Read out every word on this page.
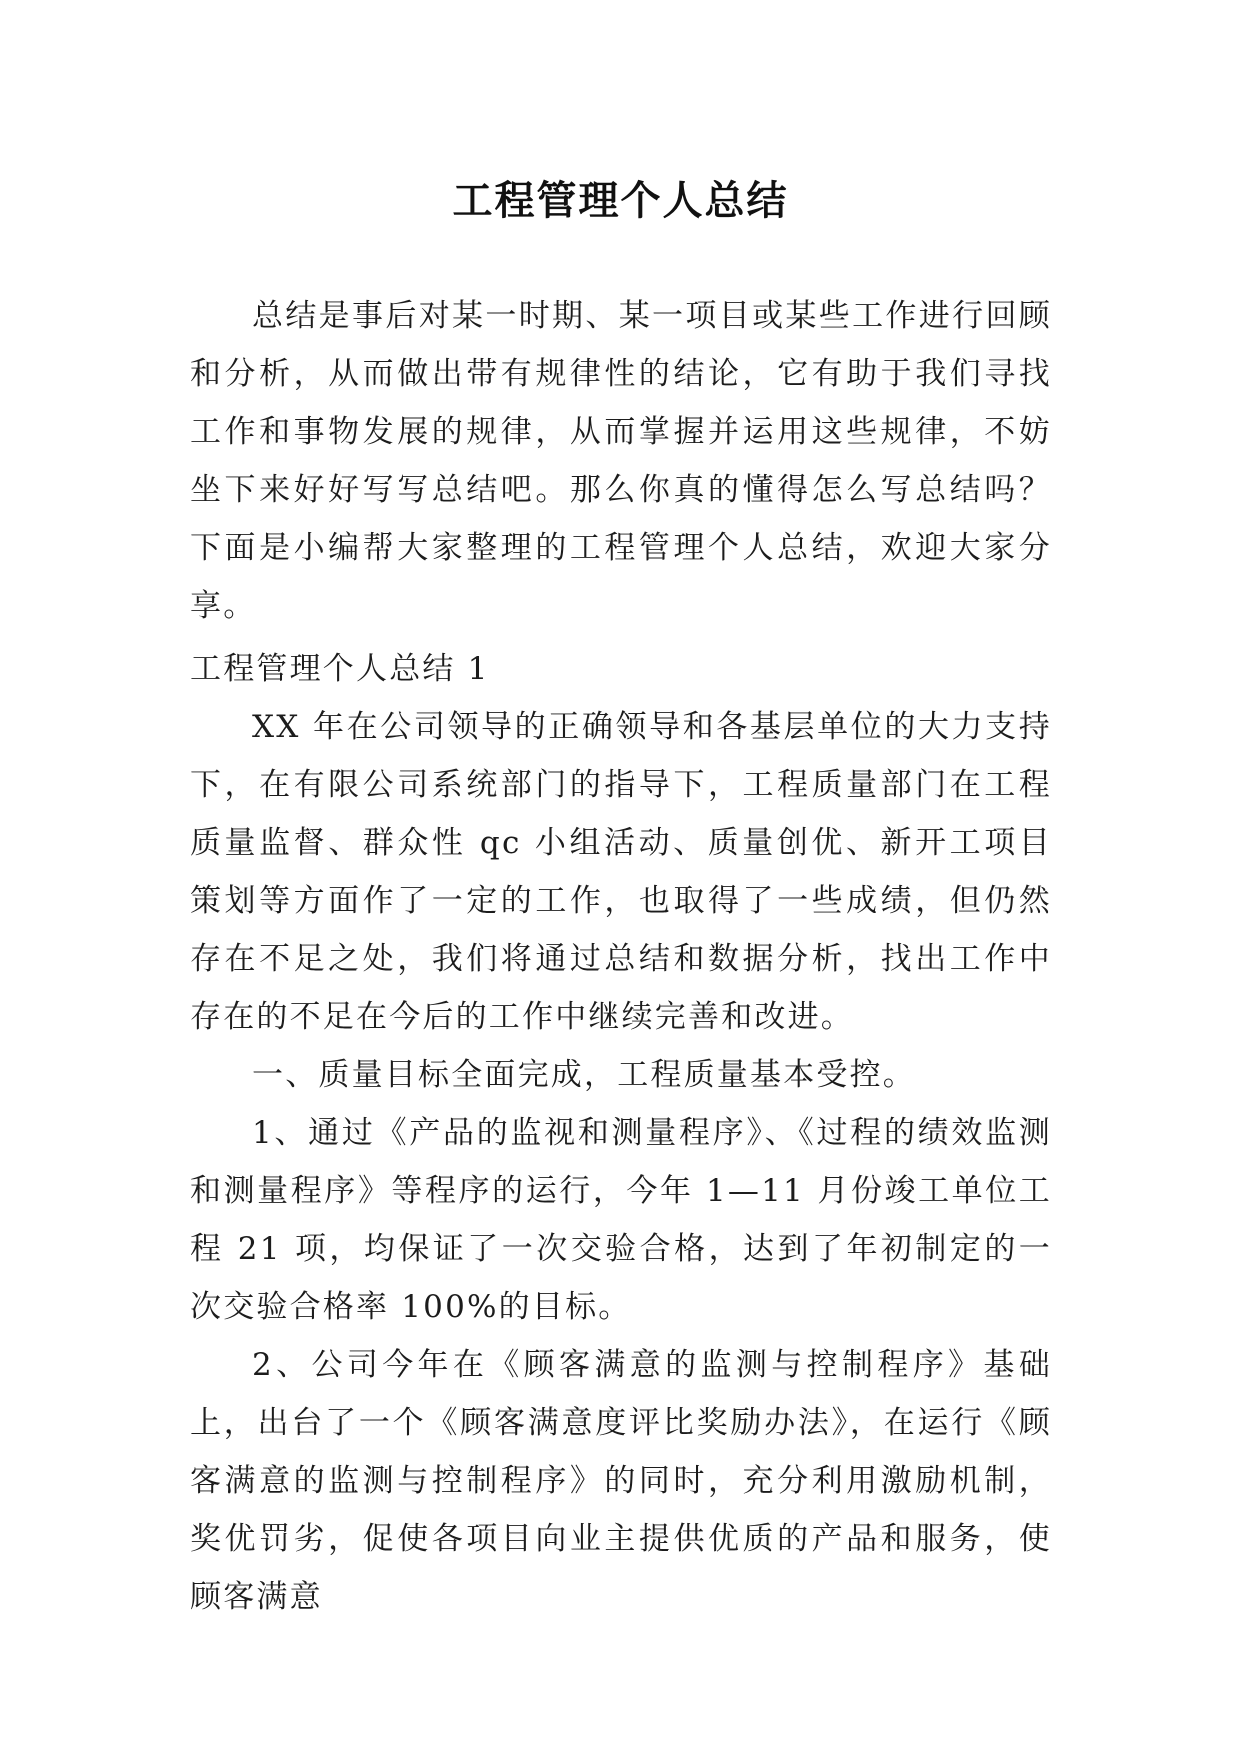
工程管理个人总结

总结是事后对某一时期、某一项目或某些工作进行回顾和分析，从而做出带有规律性的结论，它有助于我们寻找工作和事物发展的规律，从而掌握并运用这些规律，不妨坐下来好好写写总结吧。那么你真的懂得怎么写总结吗？下面是小编帮大家整理的工程管理个人总结，欢迎大家分享。

工程管理个人总结 1

XX 年在公司领导的正确领导和各基层单位的大力支持下，在有限公司系统部门的指导下，工程质量部门在工程质量监督、群众性 qc 小组活动、质量创优、新开工项目策划等方面作了一定的工作，也取得了一些成绩，但仍然存在不足之处，我们将通过总结和数据分析，找出工作中存在的不足在今后的工作中继续完善和改进。

一、质量目标全面完成，工程质量基本受控。

1、通过《产品的监视和测量程序》、《过程的绩效监测和测量程序》等程序的运行，今年 1—11 月份竣工单位工程 21 项，均保证了一次交验合格，达到了年初制定的一次交验合格率 100%的目标。

2、公司今年在《顾客满意的监测与控制程序》基础上，出台了一个《顾客满意度评比奖励办法》，在运行《顾客满意的监测与控制程序》的同时，充分利用激励机制，奖优罚劣，促使各项目向业主提供优质的产品和服务，使顾客满意
